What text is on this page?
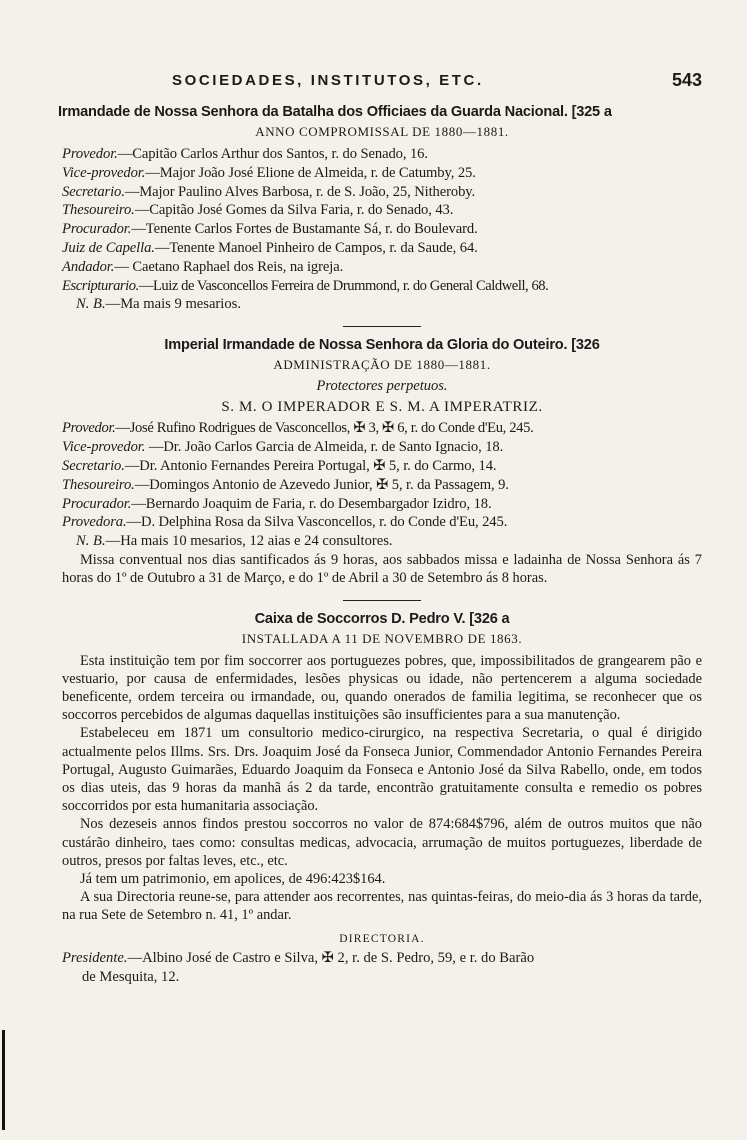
SOCIEDADES, INSTITUTOS, ETC.	543
Irmandade de Nossa Senhora da Batalha dos Officiaes da Guarda Nacional. [325 a
ANNO COMPROMISSAL DE 1880—1881.
Provedor.—Capitão Carlos Arthur dos Santos, r. do Senado, 16.
Vice-provedor.—Major João José Elione de Almeida, r. de Catumby, 25.
Secretario.—Major Paulino Alves Barbosa, r. de S. João, 25, Nitheroby.
Thesoureiro.—Capitão José Gomes da Silva Faria, r. do Senado, 43.
Procurador.—Tenente Carlos Fortes de Bustamante Sá, r. do Boulevard.
Juiz de Capella.—Tenente Manoel Pinheiro de Campos, r. da Saude, 64.
Andador.— Caetano Raphael dos Reis, na igreja.
Escripturario.—Luiz de Vasconcellos Ferreira de Drummond, r. do General Caldwell, 68.
N. B.—Ma mais 9 mesarios.
Imperial Irmandade de Nossa Senhora da Gloria do Outeiro. [326
ADMINISTRAÇÃO DE 1880—1881.
Protectores perpetuos.
S. M. O IMPERADOR E S. M. A IMPERATRIZ.
Provedor.—José Rufino Rodrigues de Vasconcellos, ✠ 3, ✠ 6, r. do Conde d'Eu, 245.
Vice-provedor. —Dr. João Carlos Garcia de Almeida, r. de Santo Ignacio, 18.
Secretario.—Dr. Antonio Fernandes Pereira Portugal, ✠ 5, r. do Carmo, 14.
Thesoureiro.—Domingos Antonio de Azevedo Junior, ✠ 5, r. da Passagem, 9.
Procurador.—Bernardo Joaquim de Faria, r. do Desembargador Izidro, 18.
Provedora.—D. Delphina Rosa da Silva Vasconcellos, r. do Conde d'Eu, 245.
N. B.—Ha mais 10 mesarios, 12 aias e 24 consultores.

Missa conventual nos dias santificados ás 9 horas, aos sabbados missa e ladainha de Nossa Senhora ás 7 horas do 1º de Outubro a 31 de Março, e do 1º de Abril a 30 de Setembro ás 8 horas.

Caixa de Soccorros D. Pedro V. [326 a
INSTALLADA A 11 DE NOVEMBRO DE 1863.

Esta instituição tem por fim soccorrer aos portuguezes pobres, que, impossibilitados de grangearem pão e vestuario, por causa de enfermidades, lesões physicas ou idade, não pertencerem a alguma sociedade beneficente, ordem terceira ou irmandade, ou, quando onerados de familia legitima, se reconhecer que os soccorros percebidos de algumas daquellas instituições são insufficientes para a sua manutenção.

Estabeleceu em 1871 um consultorio medico-cirurgico, na respectiva Secretaria, o qual é dirigido actualmente pelos Illms. Srs. Drs. Joaquim José da Fonseca Junior, Commendador Antonio Fernandes Pereira Portugal, Augusto Guimarães, Eduardo Joaquim da Fonseca e Antonio José da Silva Rabello, onde, em todos os dias uteis, das 9 horas da manhã ás 2 da tarde, encontrão gratuitamente consulta e remedio os pobres soccorridos por esta humanitaria associação.

Nos dezeseis annos findos prestou soccorros no valor de 874:684$796, além de outros muitos que não custárão dinheiro, taes como: consultas medicas, advocacia, arrumação de muitos portuguezes, liberdade de outros, presos por faltas leves, etc., etc.

Já tem um patrimonio, em apolices, de 496:423$164.

A sua Directoria reune-se, para attender aos recorrentes, nas quintas-feiras, do meio-dia ás 3 horas da tarde, na rua Sete de Setembro n. 41, 1º andar.

DIRECTORIA.
Presidente.—Albino José de Castro e Silva, ✠ 2, r. de S. Pedro, 59, e r. do Barão
de Mesquita, 12.
